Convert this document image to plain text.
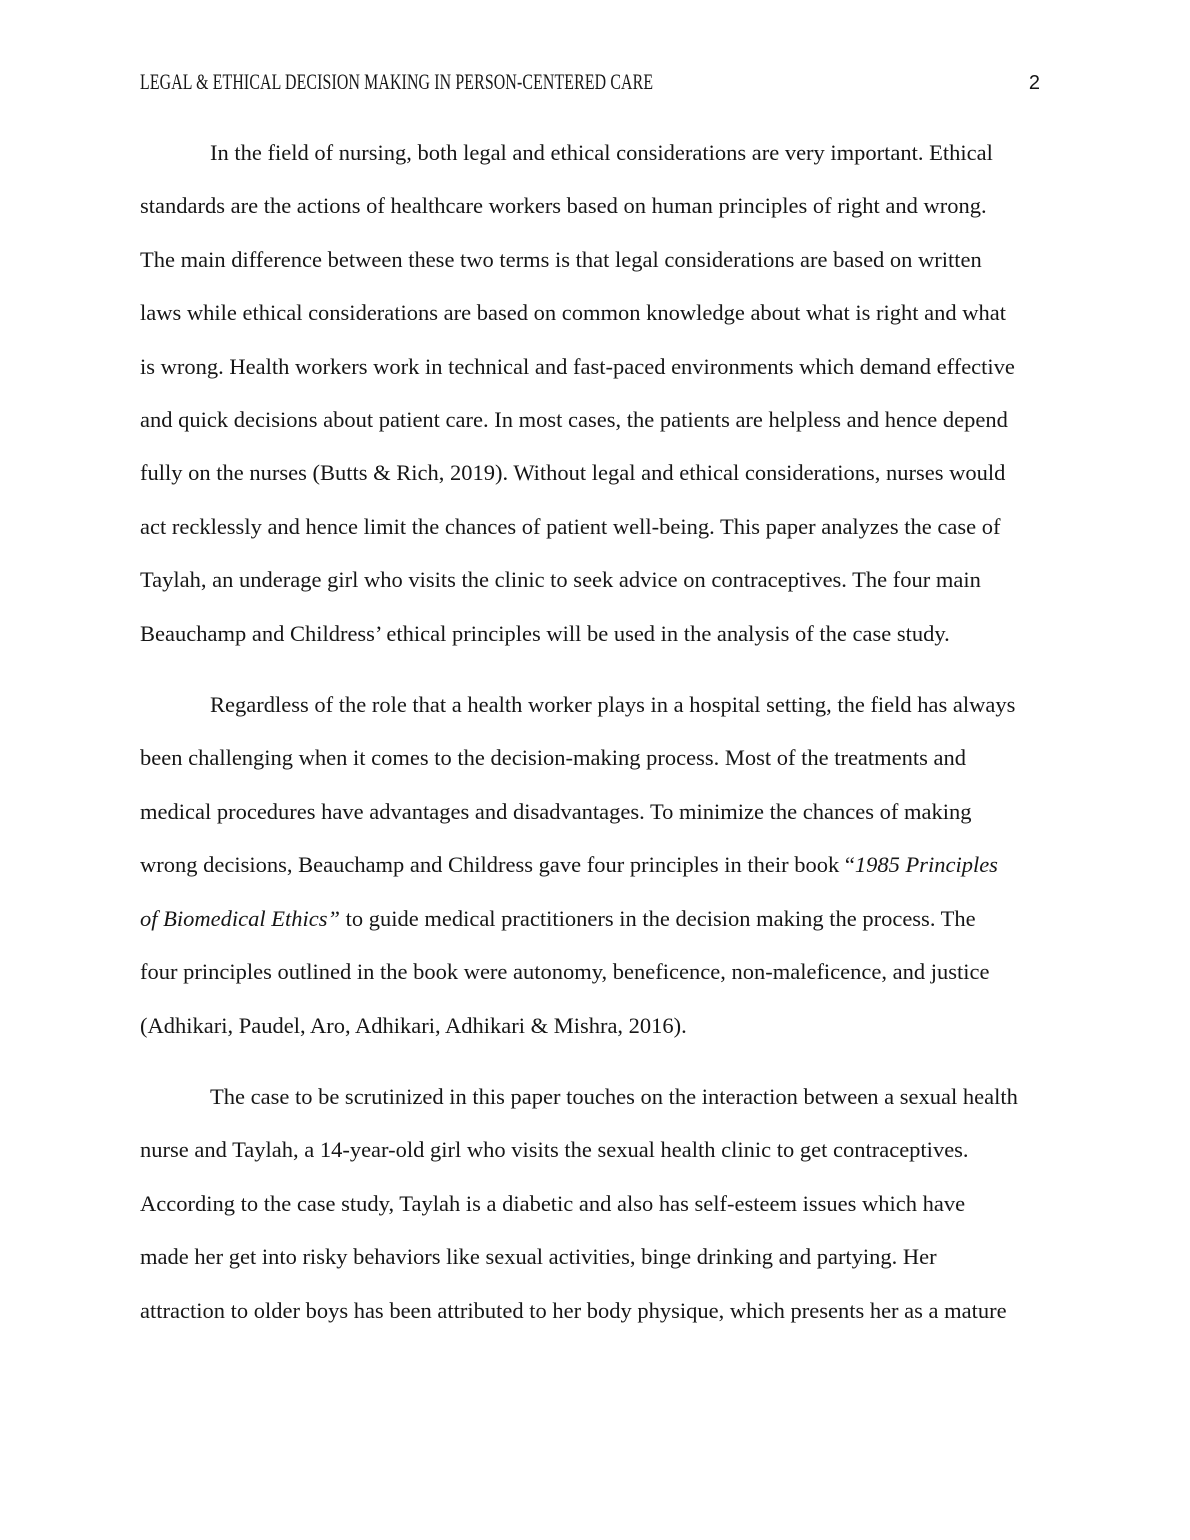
LEGAL & ETHICAL DECISION MAKING IN PERSON-CENTERED CARE	2
In the field of nursing, both legal and ethical considerations are very important. Ethical
standards are the actions of healthcare workers based on human principles of right and wrong.
The main difference between these two terms is that legal considerations are based on written
laws while ethical considerations are based on common knowledge about what is right and what
is wrong. Health workers work in technical and fast-paced environments which demand effective
and quick decisions about patient care. In most cases, the patients are helpless and hence depend
fully on the nurses (Butts & Rich, 2019). Without legal and ethical considerations, nurses would
act recklessly and hence limit the chances of patient well-being. This paper analyzes the case of
Taylah, an underage girl who visits the clinic to seek advice on contraceptives. The four main
Beauchamp and Childress’ ethical principles will be used in the analysis of the case study.
Regardless of the role that a health worker plays in a hospital setting, the field has always
been challenging when it comes to the decision-making process. Most of the treatments and
medical procedures have advantages and disadvantages. To minimize the chances of making
wrong decisions, Beauchamp and Childress gave four principles in their book “1985 Principles
of Biomedical Ethics” to guide medical practitioners in the decision making the process. The
four principles outlined in the book were autonomy, beneficence, non-maleficence, and justice
(Adhikari, Paudel, Aro, Adhikari, Adhikari & Mishra, 2016).
The case to be scrutinized in this paper touches on the interaction between a sexual health
nurse and Taylah, a 14-year-old girl who visits the sexual health clinic to get contraceptives.
According to the case study, Taylah is a diabetic and also has self-esteem issues which have
made her get into risky behaviors like sexual activities, binge drinking and partying. Her
attraction to older boys has been attributed to her body physique, which presents her as a mature
